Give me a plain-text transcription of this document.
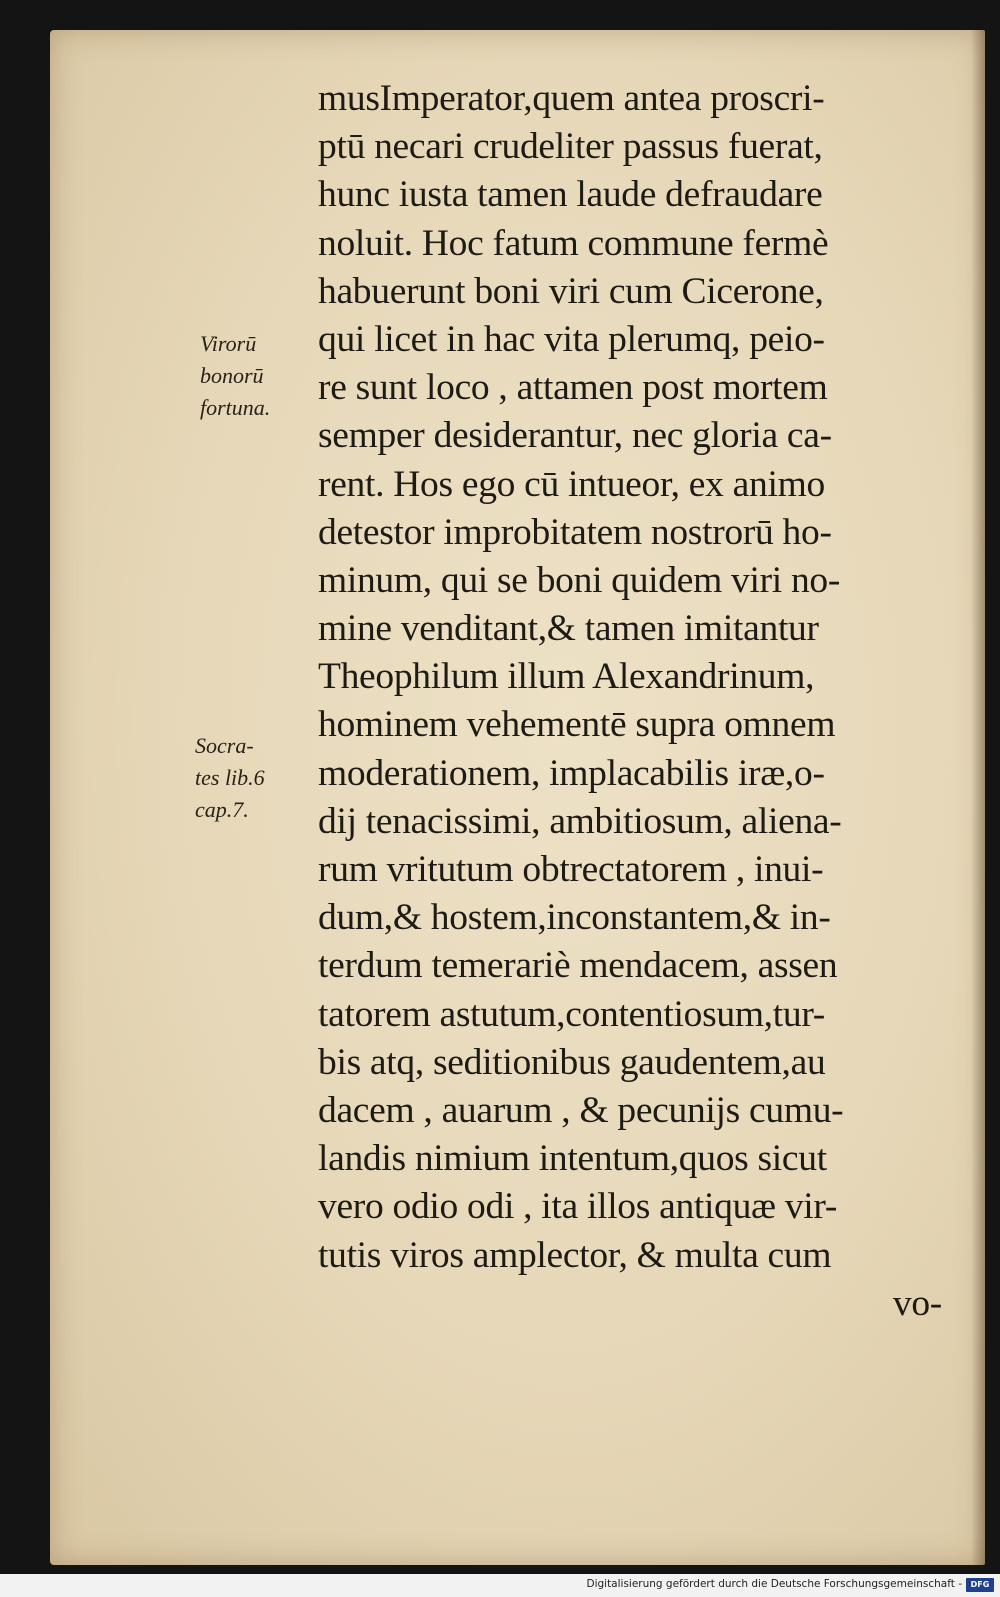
Virorū
bonorū
fortuna.
Socra-
tes lib.6
cap.7.
musImperator,quem antea proscri-
ptū necari crudeliter passus fuerat,
hunc iusta tamen laude defraudare
noluit. Hoc fatum commune fermè
habuerunt boni viri cum Cicerone,
qui licet in hac vita plerumq, peio-
re sunt loco , attamen post mortem
semper desiderantur, nec gloria ca-
rent. Hos ego cū intueor, ex animo
detestor improbitatem nostrorū ho-
minum, qui se boni quidem viri no-
mine venditant,& tamen imitantur
Theophilum illum Alexandrinum,
hominem vehementē supra omnem
moderationem, implacabilis iræ,o-
dij tenacissimi, ambitiosum, aliena-
rum vritutum obtrectatorem , inui-
dum,& hostem,inconstantem,& in-
terdum temerariè mendacem, assen
tatorem astutum,contentiosum,tur-
bis atq, seditionibus gaudentem,au
dacem , auarum , & pecunijs cumu-
landis nimium intentum,quos sicut
vero odio odi , ita illos antiquæ vir-
tutis viros amplector, & multa cum
vo-
Digitalisierung gefördert durch die Deutsche Forschungsgemeinschaft -	DFG
